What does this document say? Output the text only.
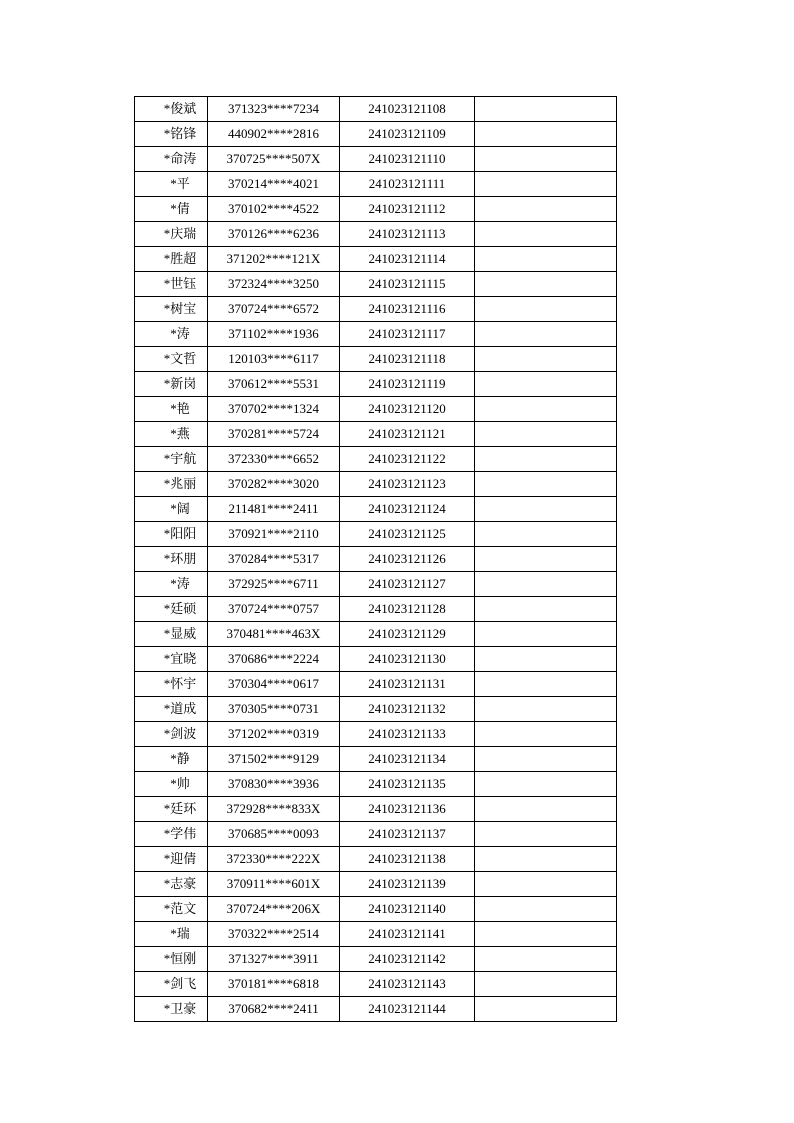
*俊斌	371323****7234	241023121108	
*铭锋	440902****2816	241023121109	
*命涛	370725****507X	241023121110	
*平	370214****4021	241023121111	
*倩	370102****4522	241023121112	
*庆瑞	370126****6236	241023121113	
*胜超	371202****121X	241023121114	
*世钰	372324****3250	241023121115	
*树宝	370724****6572	241023121116	
*涛	371102****1936	241023121117	
*文哲	120103****6117	241023121118	
*新岗	370612****5531	241023121119	
*艳	370702****1324	241023121120	
*燕	370281****5724	241023121121	
*宇航	372330****6652	241023121122	
*兆丽	370282****3020	241023121123	
*阔	211481****2411	241023121124	
*阳阳	370921****2110	241023121125	
*环朋	370284****5317	241023121126	
*涛	372925****6711	241023121127	
*廷硕	370724****0757	241023121128	
*显威	370481****463X	241023121129	
*宜晓	370686****2224	241023121130	
*怀宇	370304****0617	241023121131	
*道成	370305****0731	241023121132	
*剑波	371202****0319	241023121133	
*静	371502****9129	241023121134	
*帅	370830****3936	241023121135	
*廷环	372928****833X	241023121136	
*学伟	370685****0093	241023121137	
*迎倩	372330****222X	241023121138	
*志豪	370911****601X	241023121139	
*范文	370724****206X	241023121140	
*瑞	370322****2514	241023121141	
*恒刚	371327****3911	241023121142	
*剑飞	370181****6818	241023121143	
*卫豪	370682****2411	241023121144	
